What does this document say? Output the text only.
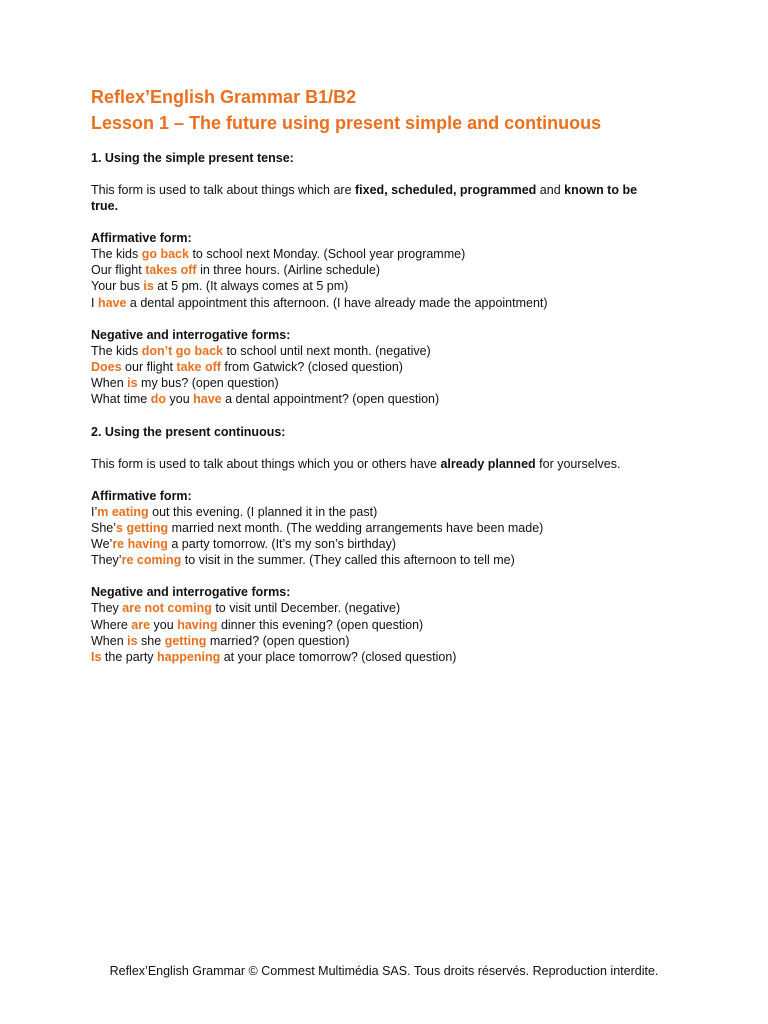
Reflex’English Grammar B1/B2
Lesson 1 – The future using present simple and continuous

1. Using the simple present tense:

This form is used to talk about things which are fixed, scheduled, programmed and known to be true.

Affirmative form:

The kids go back to school next Monday. (School year programme)

Our flight takes off in three hours. (Airline schedule)

Your bus is at 5 pm. (It always comes at 5 pm)

I have a dental appointment this afternoon. (I have already made the appointment)

Negative and interrogative forms:

The kids don’t go back to school until next month. (negative)

Does our flight take off from Gatwick? (closed question)

When is my bus? (open question)

What time do you have a dental appointment? (open question)

2. Using the present continuous:

This form is used to talk about things which you or others have already planned for yourselves.

Affirmative form:

I’m eating out this evening. (I planned it in the past)

She’s getting married next month. (The wedding arrangements have been made)

We’re having a party tomorrow. (It’s my son’s birthday)

They’re coming to visit in the summer. (They called this afternoon to tell me)

Negative and interrogative forms:

They are not coming to visit until December. (negative)

Where are you having dinner this evening? (open question)

When is she getting married? (open question)

Is the party happening at your place tomorrow? (closed question)

Reflex’English Grammar © Commest Multimédia SAS. Tous droits réservés. Reproduction interdite.
